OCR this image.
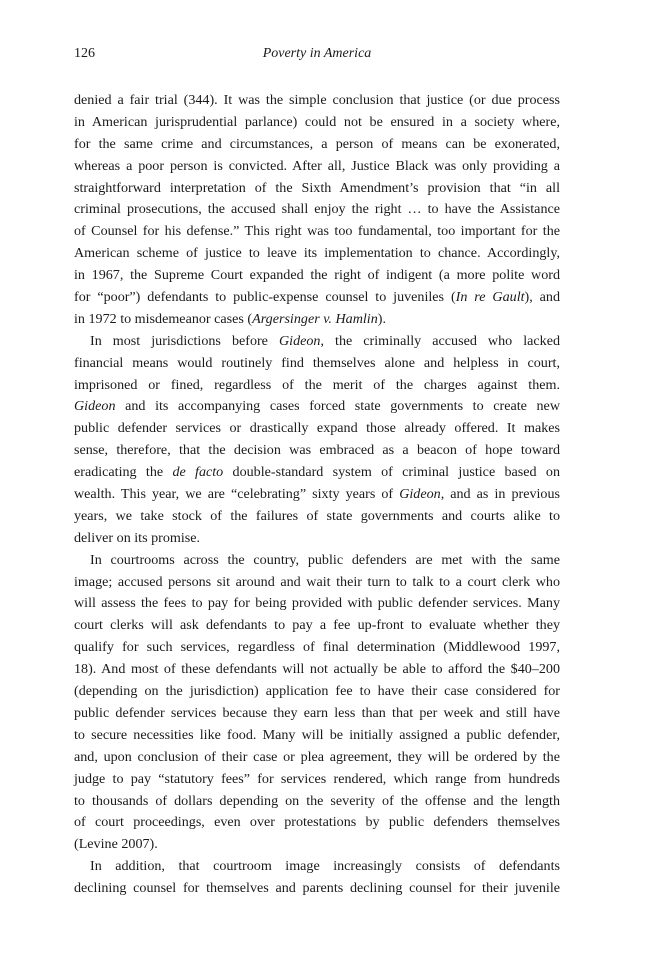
126	Poverty in America
denied a fair trial (344). It was the simple conclusion that justice (or due process
in American jurisprudential parlance) could not be ensured in a society where,
for the same crime and circumstances, a person of means can be exonerated,
whereas a poor person is convicted. After all, Justice Black was only providing a
straightforward interpretation of the Sixth Amendment’s provision that “in all
criminal prosecutions, the accused shall enjoy the right … to have the Assistance
of Counsel for his defense.” This right was too fundamental, too important for the
American scheme of justice to leave its implementation to chance. Accordingly,
in 1967, the Supreme Court expanded the right of indigent (a more polite word
for “poor”) defendants to public-expense counsel to juveniles (In re Gault), and
in 1972 to misdemeanor cases (Argersinger v. Hamlin).
In most jurisdictions before Gideon, the criminally accused who lacked
financial means would routinely find themselves alone and helpless in court,
imprisoned or fined, regardless of the merit of the charges against them.
Gideon and its accompanying cases forced state governments to create new
public defender services or drastically expand those already offered. It makes
sense, therefore, that the decision was embraced as a beacon of hope toward
eradicating the de facto double-standard system of criminal justice based on
wealth. This year, we are “celebrating” sixty years of Gideon, and as in previous
years, we take stock of the failures of state governments and courts alike to
deliver on its promise.
In courtrooms across the country, public defenders are met with the same
image; accused persons sit around and wait their turn to talk to a court clerk who
will assess the fees to pay for being provided with public defender services. Many
court clerks will ask defendants to pay a fee up-front to evaluate whether they
qualify for such services, regardless of final determination (Middlewood 1997,
18). And most of these defendants will not actually be able to afford the $40–200
(depending on the jurisdiction) application fee to have their case considered for
public defender services because they earn less than that per week and still have
to secure necessities like food. Many will be initially assigned a public defender,
and, upon conclusion of their case or plea agreement, they will be ordered by the
judge to pay “statutory fees” for services rendered, which range from hundreds
to thousands of dollars depending on the severity of the offense and the length
of court proceedings, even over protestations by public defenders themselves
(Levine 2007).
In addition, that courtroom image increasingly consists of defendants
declining counsel for themselves and parents declining counsel for their juvenile
